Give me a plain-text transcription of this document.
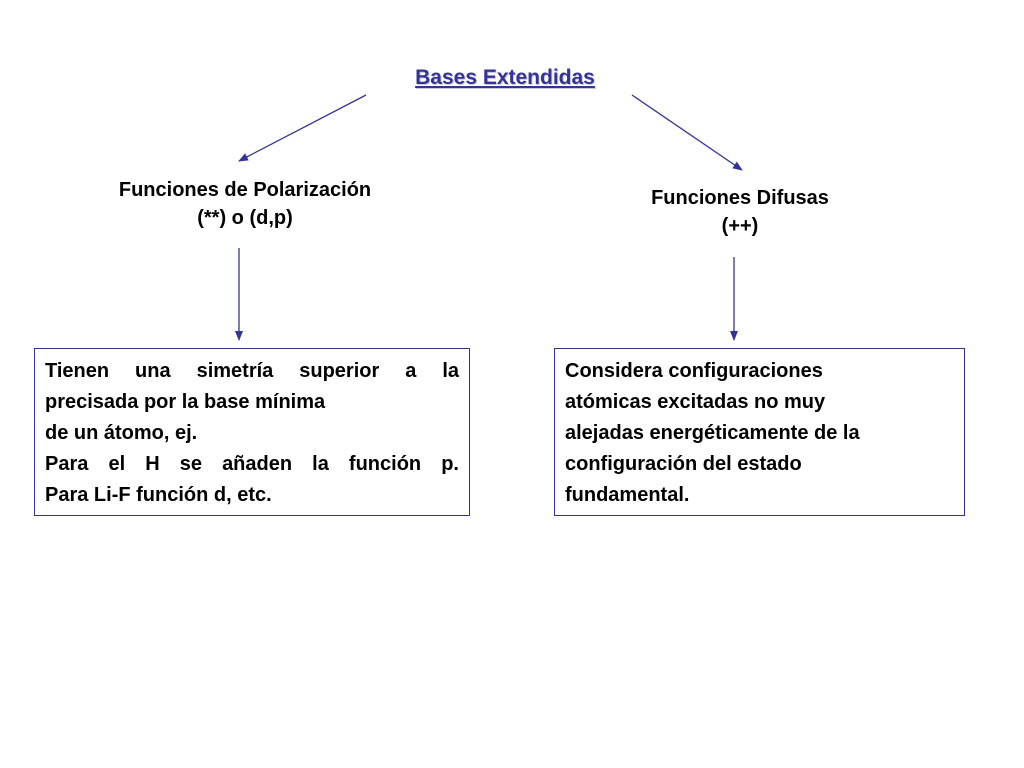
Bases Extendidas
Funciones de Polarización
(**) o (d,p)
Funciones Difusas
(++)
Tienen una simetría superior a la
precisada por la base mínima
de un átomo, ej.
Para el H se añaden la función p.
Para Li-F función d, etc.
Considera configuraciones
atómicas excitadas no muy
alejadas energéticamente de la
configuración del estado
fundamental.
